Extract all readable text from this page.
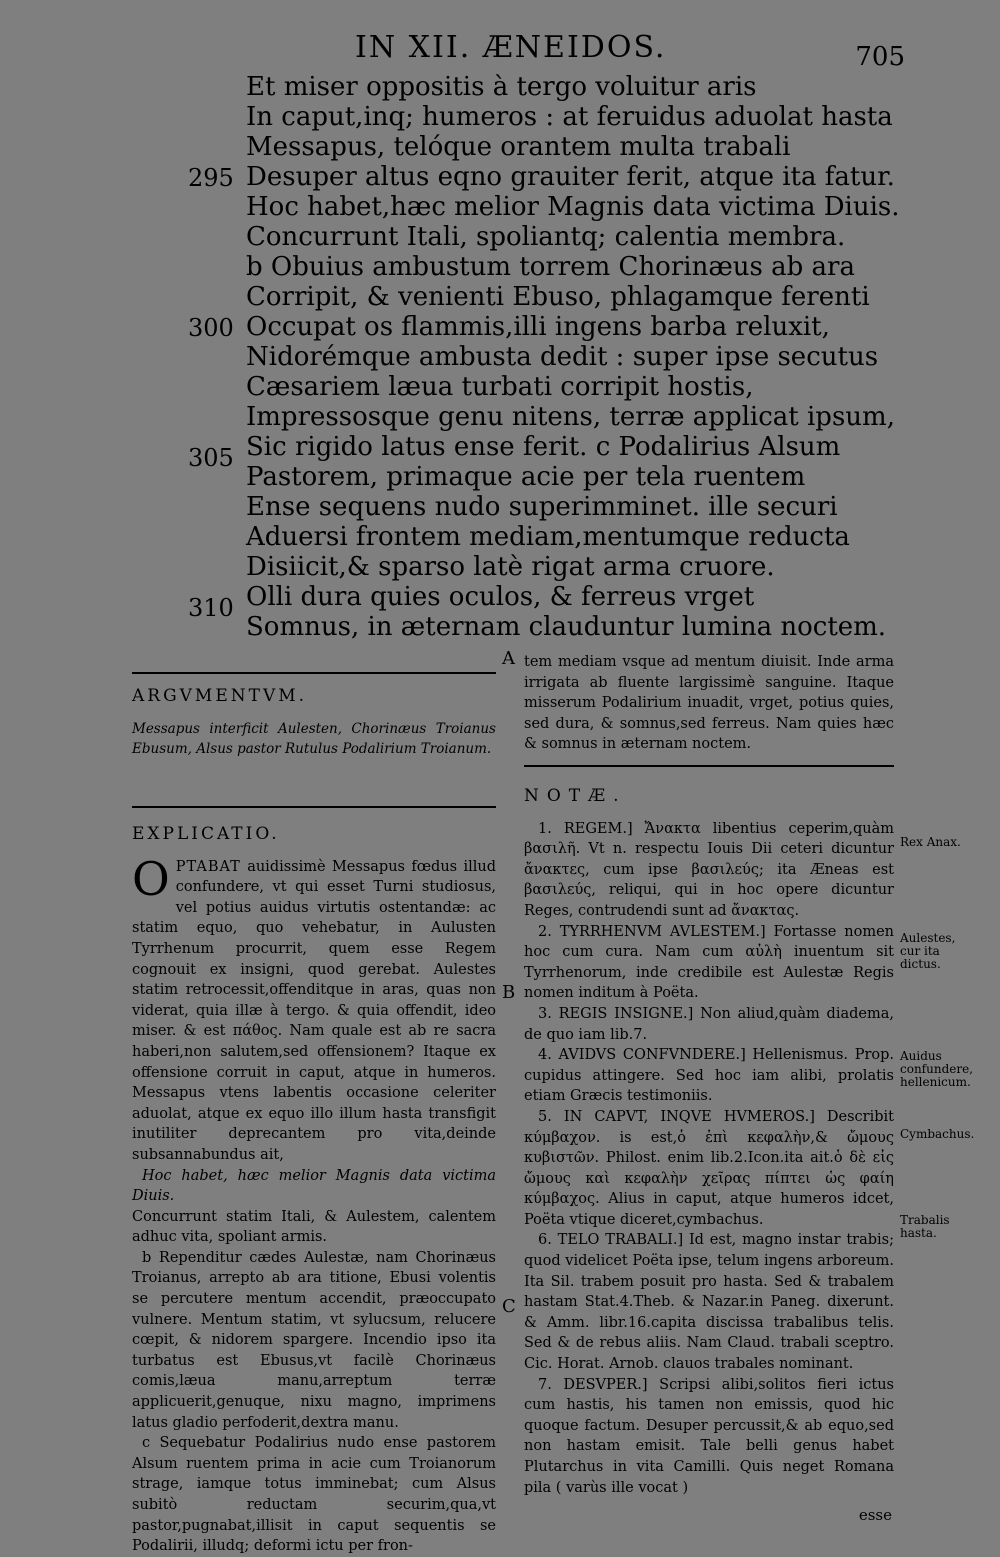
IN XII. ÆNEIDOS.	705
Et miser oppositis à tergo voluitur aris
In caput,inq; humeros : at feruidus aduolat hasta
Messapus, telóque orantem multa trabali
Desuper altus eqno grauiter ferit, atque ita fatur.
Hoc habet,hæc melior Magnis data victima Diuis.
Concurrunt Itali, spoliantq; calentia membra.
b Obuius ambustum torrem Chorinæus ab ara
Corripit, & venienti Ebuso, phlagamque ferenti
Occupat os flammis,illi ingens barba reluxit,
Nidorémque ambusta dedit : super ipse secutus
Cæsariem læua turbati corripit hostis,
Impressosque genu nitens, terræ applicat ipsum,
Sic rigido latus ense ferit. c Podalirius Alsum
Pastorem, primaque acie per tela ruentem
Ense sequens nudo superimminet. ille securi
Aduersi frontem mediam,mentumque reducta
Disiicit,& sparso latè rigat arma cruore.
Olli dura quies oculos, & ferreus vrget
Somnus, in æternam clauduntur lumina noctem.
295
300
305
310
A
B
C

ARGVMENTVM.

Messapus interficit Aulesten, Chorinæus Troianus Ebusum, Alsus pastor Rutulus Podalirium Troianum.

EXPLICATIO.

OPTABAT auidissimè Messapus fœdus illud confundere, vt qui esset Turni studiosus, vel potius auidus virtutis ostentandæ: ac statim equo, quo vehebatur, in Aulusten Tyrrhenum procurrit, quem esse Regem cognouit ex insigni, quod gerebat. Aulestes statim retrocessit,offenditque in aras, quas non viderat, quia illæ à tergo. & quia offendit, ideo miser. & est πάθος. Nam quale est ab re sacra haberi,non salutem,sed offensionem? Itaque ex offensione corruit in caput, atque in humeros. Messapus vtens labentis occasione celeriter aduolat, atque ex equo illo illum hasta transfigit inutiliter deprecantem pro vita,deinde subsannabundus ait,

Hoc habet, hæc melior Magnis data victima Diuis.

Concurrunt statim Itali, & Aulestem, calentem adhuc vita, spoliant armis.

b Rependitur cædes Aulestæ, nam Chorinæus Troianus, arrepto ab ara titione, Ebusi volentis se percutere mentum accendit, præoccupato vulnere. Mentum statim, vt sylucsum, relucere cœpit, & nidorem spargere. Incendio ipso ita turbatus est Ebusus,vt facilè Chorinæus comis,læua manu,arreptum terræ applicuerit,genuque, nixu magno, imprimens latus gladio perfoderit,dextra manu.

c Sequebatur Podalirius nudo ense pastorem Alsum ruentem prima in acie cum Troianorum strage, iamque totus imminebat; cum Alsus subitò reductam securim,qua,vt pastor,pugnabat,illisit in caput sequentis se Podalirii, illudq; deformi ictu per fron-

tem mediam vsque ad mentum diuisit. Inde arma irrigata ab fluente largissimè sanguine. Itaque misserum Podalirium inuadit, vrget, potius quies, sed dura, & somnus,sed ferreus. Nam quies hæc & somnus in æternam noctem.

NOTÆ.

1. REGEM.] Ἄνακτα libentius ceperim,quàm βασιλῆ. Vt n. respectu Iouis Dii ceteri dicuntur ἄνακτες, cum ipse βασιλεύς; ita Æneas est βασιλεύς, reliqui, qui in hoc opere dicuntur Reges, contrudendi sunt ad ἄνακτας.

2. TYRRHENVM AVLESTEM.] Fortasse nomen hoc cum cura. Nam cum αὐλὴ inuentum sit Tyrrhenorum, inde credibile est Aulestæ Regis nomen inditum à Poëta.

3. REGIS INSIGNE.] Non aliud,quàm diadema, de quo iam lib.7.

4. AVIDVS CONFVNDERE.] Hellenismus. Prop. cupidus attingere. Sed hoc iam alibi, prolatis etiam Græcis testimoniis.

5. IN CAPVT, INQVE HVMEROS.] Describit κύμβαχον. is est,ὁ ἐπὶ κεφαλὴν,& ὤμους κυβιστῶν. Philost. enim lib.2.Icon.ita ait.ὁ δὲ εἰς ὤμους καὶ κεφαλὴν χεῖρας πίπτει ὡς φαίη κύμβαχος. Alius in caput, atque humeros idcet, Poëta vtique diceret,cymbachus.

6. TELO TRABALI.] Id est, magno instar trabis; quod videlicet Poëta ipse, telum ingens arboreum. Ita Sil. trabem posuit pro hasta. Sed & trabalem hastam Stat.4.Theb. & Nazar.in Paneg. dixerunt. & Amm. libr.16.capita discissa trabalibus telis. Sed & de rebus aliis. Nam Claud. trabali sceptro. Cic. Horat. Arnob. clauos trabales nominant.

7. DESVPER.] Scripsi alibi,solitos fieri ictus cum hastis, his tamen non emissis, quod hic quoque factum. Desuper percussit,& ab equo,sed non hastam emisit. Tale belli genus habet Plutarchus in vita Camilli. Quis neget Romana pila ( varùs ille vocat )

Rex Anax.
Aulestes, cur ita dictus.
Auidus confundere, hellenicum.
Cymbachus.
Trabalis hasta.
esse
